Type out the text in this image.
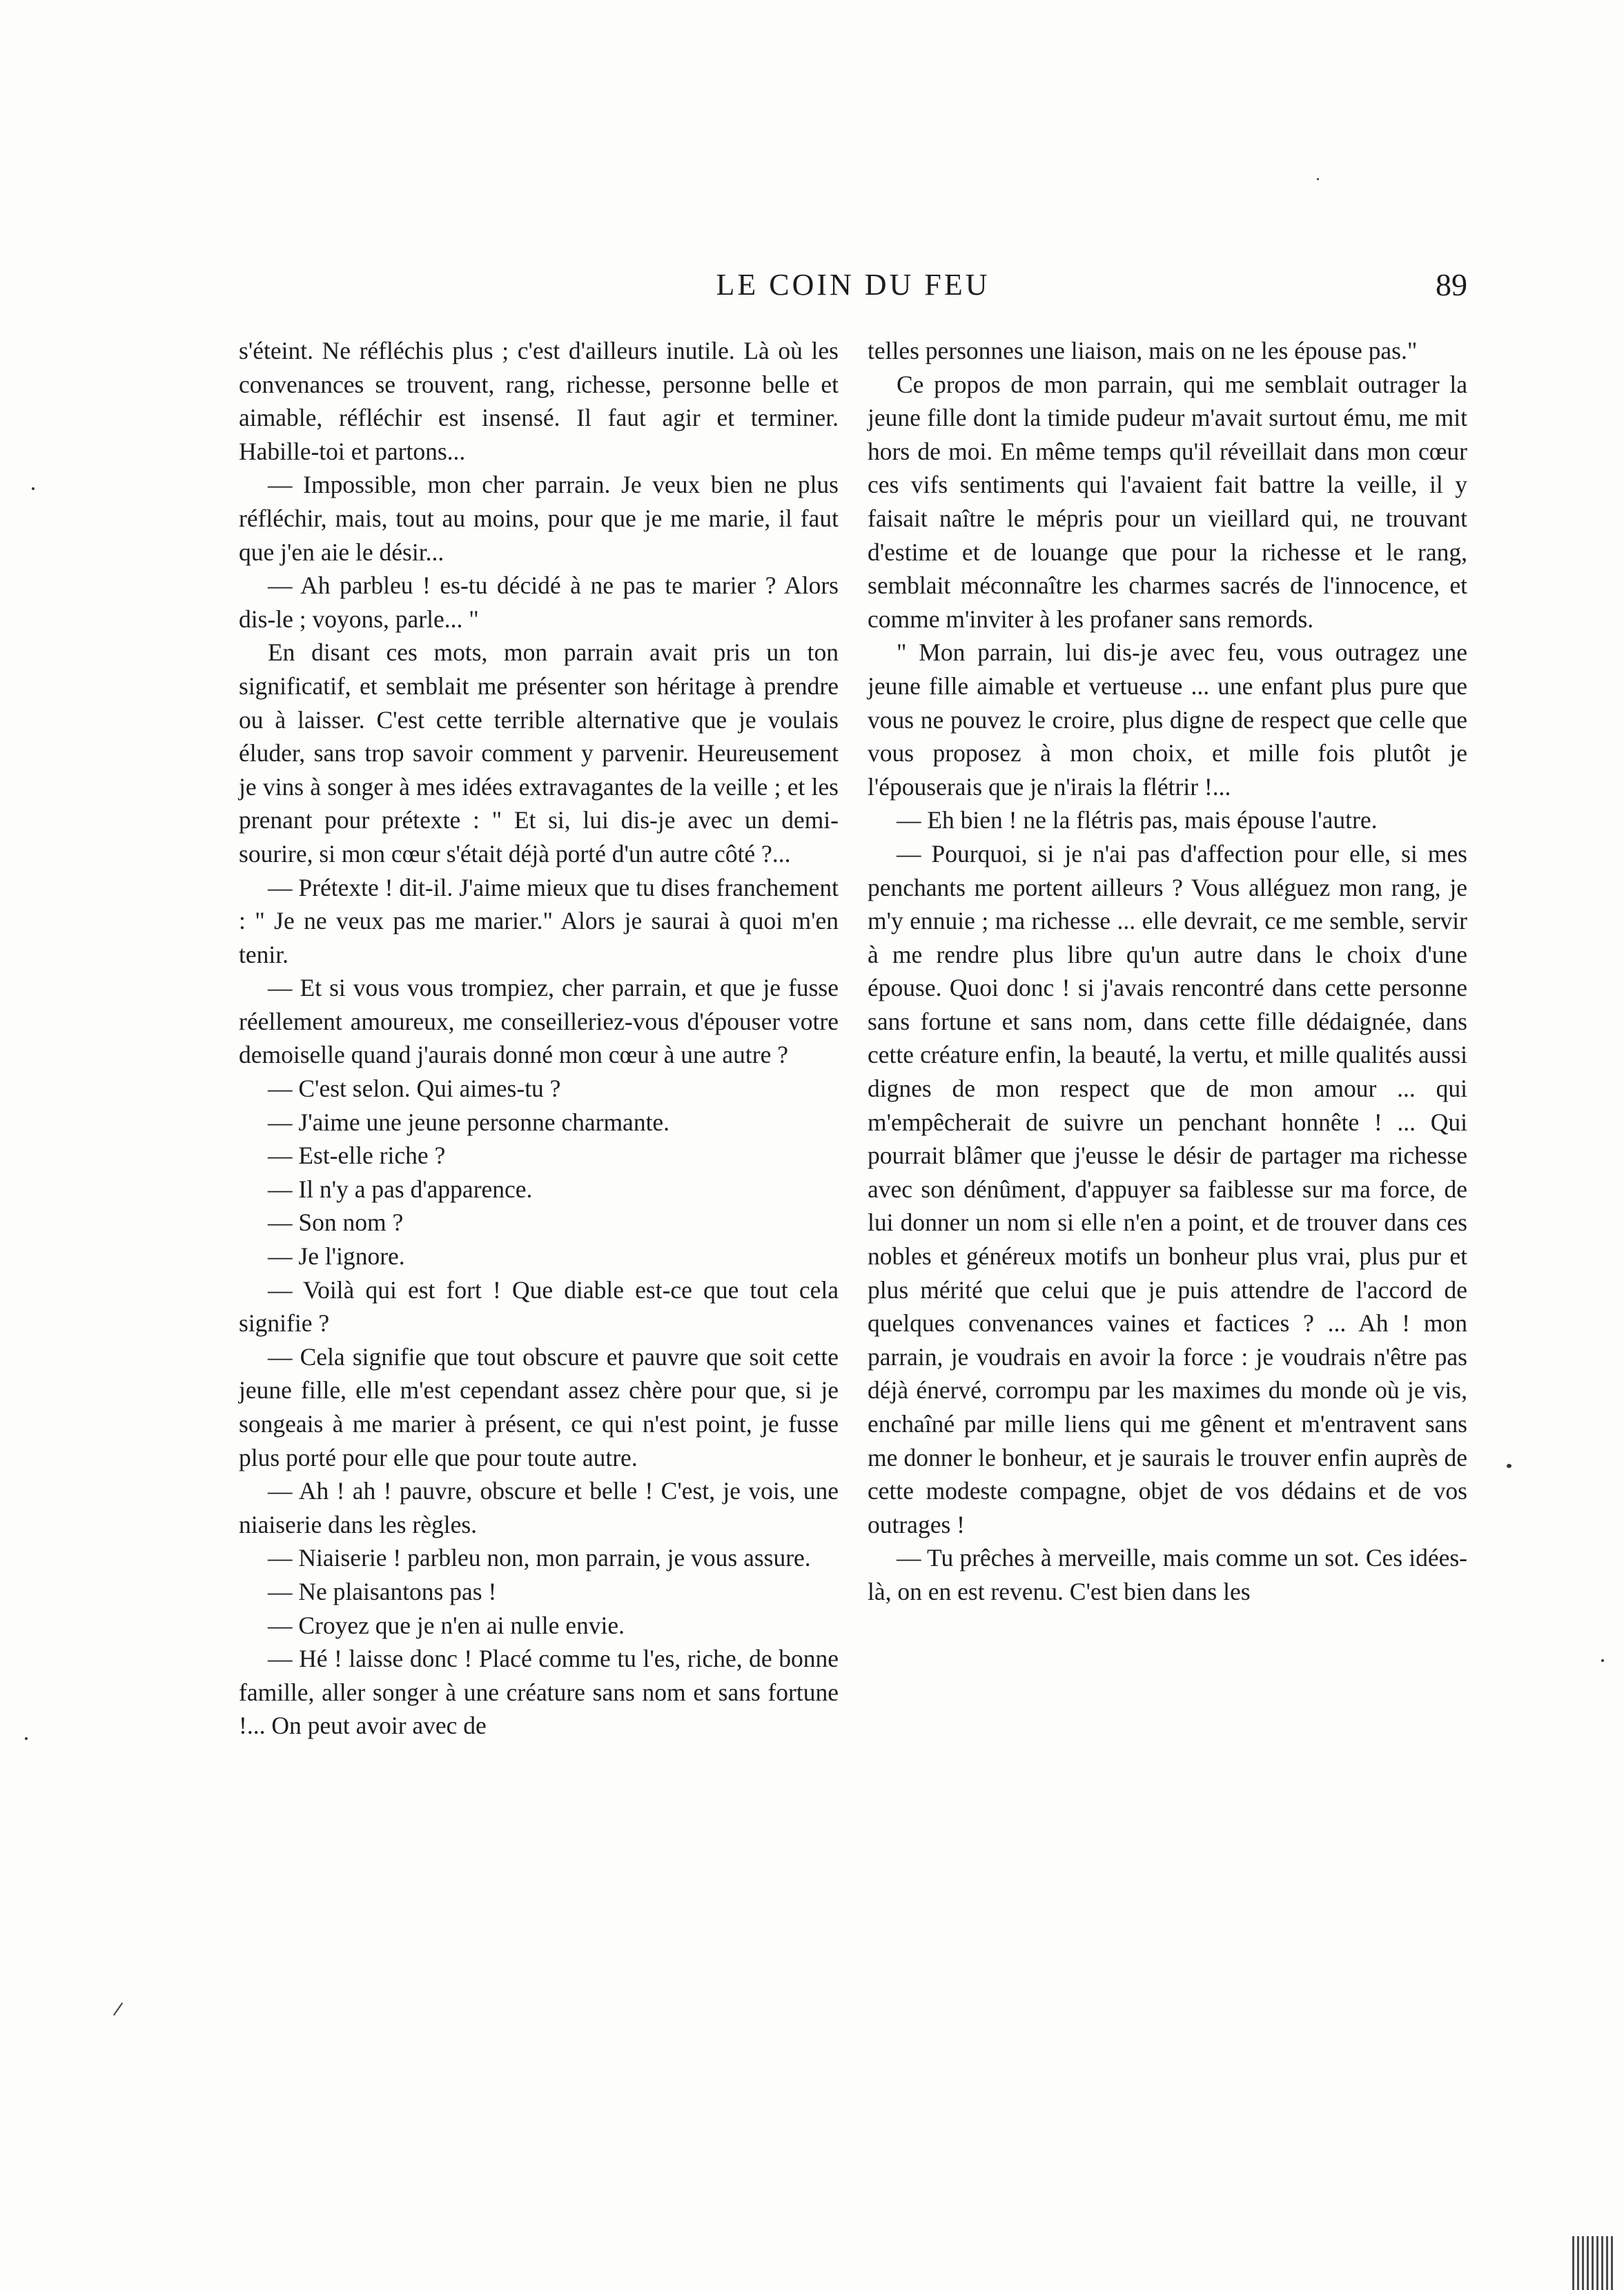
LE COIN DU FEU	89

s'éteint. Ne réfléchis plus ; c'est d'ailleurs inutile. Là où les convenances se trouvent, rang, richesse, personne belle et aimable, réfléchir est insensé. Il faut agir et terminer. Habille-toi et partons...

— Impossible, mon cher parrain. Je veux bien ne plus réfléchir, mais, tout au moins, pour que je me marie, il faut que j'en aie le désir...

— Ah parbleu ! es-tu décidé à ne pas te marier ? Alors dis-le ; voyons, parle... "

En disant ces mots, mon parrain avait pris un ton significatif, et semblait me présenter son héritage à prendre ou à laisser. C'est cette terrible alternative que je voulais éluder, sans trop savoir comment y parvenir. Heureusement je vins à songer à mes idées extravagantes de la veille ; et les prenant pour prétexte : " Et si, lui dis-je avec un demi-sourire, si mon cœur s'était déjà porté d'un autre côté ?...

— Prétexte ! dit-il. J'aime mieux que tu dises franchement : " Je ne veux pas me marier." Alors je saurai à quoi m'en tenir.

— Et si vous vous trompiez, cher parrain, et que je fusse réellement amoureux, me conseilleriez-vous d'épouser votre demoiselle quand j'aurais donné mon cœur à une autre ?

— C'est selon. Qui aimes-tu ?

— J'aime une jeune personne charmante.

— Est-elle riche ?

— Il n'y a pas d'apparence.

— Son nom ?

— Je l'ignore.

— Voilà qui est fort ! Que diable est-ce que tout cela signifie ?

— Cela signifie que tout obscure et pauvre que soit cette jeune fille, elle m'est cependant assez chère pour que, si je songeais à me marier à présent, ce qui n'est point, je fusse plus porté pour elle que pour toute autre.

— Ah ! ah ! pauvre, obscure et belle ! C'est, je vois, une niaiserie dans les règles.

— Niaiserie ! parbleu non, mon parrain, je vous assure.

— Ne plaisantons pas !

— Croyez que je n'en ai nulle envie.

— Hé ! laisse donc ! Placé comme tu l'es, riche, de bonne famille, aller songer à une créature sans nom et sans fortune !... On peut avoir avec de

telles personnes une liaison, mais on ne les épouse pas."

Ce propos de mon parrain, qui me semblait outrager la jeune fille dont la timide pudeur m'avait surtout ému, me mit hors de moi. En même temps qu'il réveillait dans mon cœur ces vifs sentiments qui l'avaient fait battre la veille, il y faisait naître le mépris pour un vieillard qui, ne trouvant d'estime et de louange que pour la richesse et le rang, semblait méconnaître les charmes sacrés de l'innocence, et comme m'inviter à les profaner sans remords.

" Mon parrain, lui dis-je avec feu, vous outragez une jeune fille aimable et vertueuse ... une enfant plus pure que vous ne pouvez le croire, plus digne de respect que celle que vous proposez à mon choix, et mille fois plutôt je l'épouserais que je n'irais la flétrir !...

— Eh bien ! ne la flétris pas, mais épouse l'autre.

— Pourquoi, si je n'ai pas d'affection pour elle, si mes penchants me portent ailleurs ? Vous alléguez mon rang, je m'y ennuie ; ma richesse ... elle devrait, ce me semble, servir à me rendre plus libre qu'un autre dans le choix d'une épouse. Quoi donc ! si j'avais rencontré dans cette personne sans fortune et sans nom, dans cette fille dédaignée, dans cette créature enfin, la beauté, la vertu, et mille qualités aussi dignes de mon respect que de mon amour ... qui m'empêcherait de suivre un penchant honnête ! ... Qui pourrait blâmer que j'eusse le désir de partager ma richesse avec son dénûment, d'appuyer sa faiblesse sur ma force, de lui donner un nom si elle n'en a point, et de trouver dans ces nobles et généreux motifs un bonheur plus vrai, plus pur et plus mérité que celui que je puis attendre de l'accord de quelques convenances vaines et factices ? ... Ah ! mon parrain, je voudrais en avoir la force : je voudrais n'être pas déjà énervé, corrompu par les maximes du monde où je vis, enchaîné par mille liens qui me gênent et m'entravent sans me donner le bonheur, et je saurais le trouver enfin auprès de cette modeste compagne, objet de vos dédains et de vos outrages !

— Tu prêches à merveille, mais comme un sot. Ces idées-là, on en est revenu. C'est bien dans les
